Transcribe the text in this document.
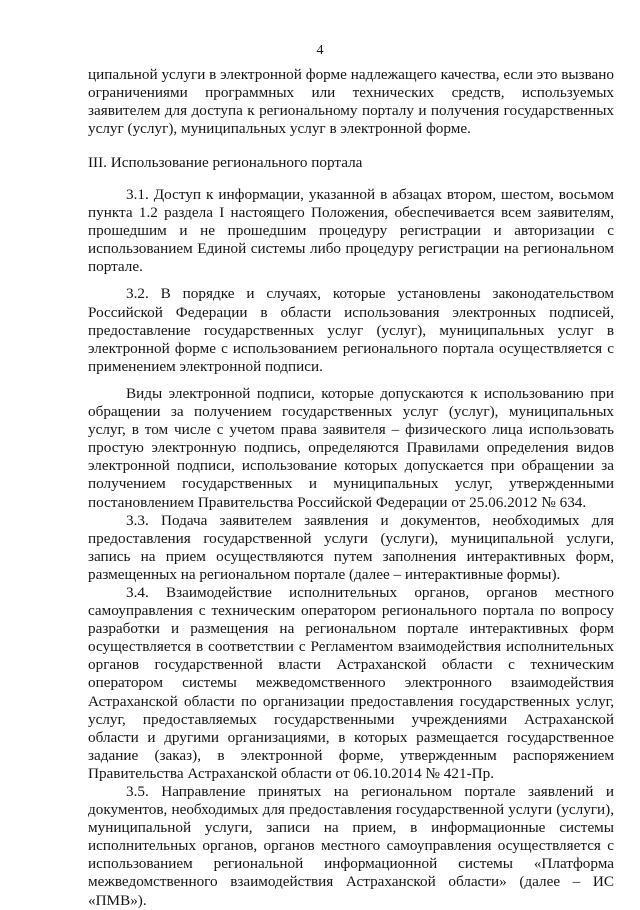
4

ципальной услуги в электронной форме надлежащего качества, если это вызвано ограничениями программных или технических средств, используемых заявителем для доступа к региональному порталу и получения государственных услуг (услуг), муниципальных услуг в электронной форме.

III. Использование регионального портала

3.1. Доступ к информации, указанной в абзацах втором, шестом, восьмом пункта 1.2 раздела I настоящего Положения, обеспечивается всем заявителям, прошедшим и не прошедшим процедуру регистрации и авторизации с использованием Единой системы либо процедуру регистрации на региональном портале.

3.2. В порядке и случаях, которые установлены законодательством Российской Федерации в области использования электронных подписей, предоставление государственных услуг (услуг), муниципальных услуг в электронной форме с использованием регионального портала осуществляется с применением электронной подписи.

Виды электронной подписи, которые допускаются к использованию при обращении за получением государственных услуг (услуг), муниципальных услуг, в том числе с учетом права заявителя – физического лица использовать простую электронную подпись, определяются Правилами определения видов электронной подписи, использование которых допускается при обращении за получением государственных и муниципальных услуг, утвержденными постановлением Правительства Российской Федерации от 25.06.2012 № 634.

3.3. Подача заявителем заявления и документов, необходимых для предоставления государственной услуги (услуги), муниципальной услуги, запись на прием осуществляются путем заполнения интерактивных форм, размещенных на региональном портале (далее – интерактивные формы).

3.4. Взаимодействие исполнительных органов, органов местного самоуправления с техническим оператором регионального портала по вопросу разработки и размещения на региональном портале интерактивных форм осуществляется в соответствии с Регламентом взаимодействия исполнительных органов государственной власти Астраханской области с техническим оператором системы межведомственного электронного взаимодействия Астраханской области по организации предоставления государственных услуг, услуг, предоставляемых государственными учреждениями Астраханской области и другими организациями, в которых размещается государственное задание (заказ), в электронной форме, утвержденным распоряжением Правительства Астраханской области от 06.10.2014 № 421-Пр.

3.5. Направление принятых на региональном портале заявлений и документов, необходимых для предоставления государственной услуги (услуги), муниципальной услуги, записи на прием, в информационные системы исполнительных органов, органов местного самоуправления осуществляется с использованием региональной информационной системы «Платформа межведомственного взаимодействия Астраханской области» (далее – ИС «ПМВ»).
